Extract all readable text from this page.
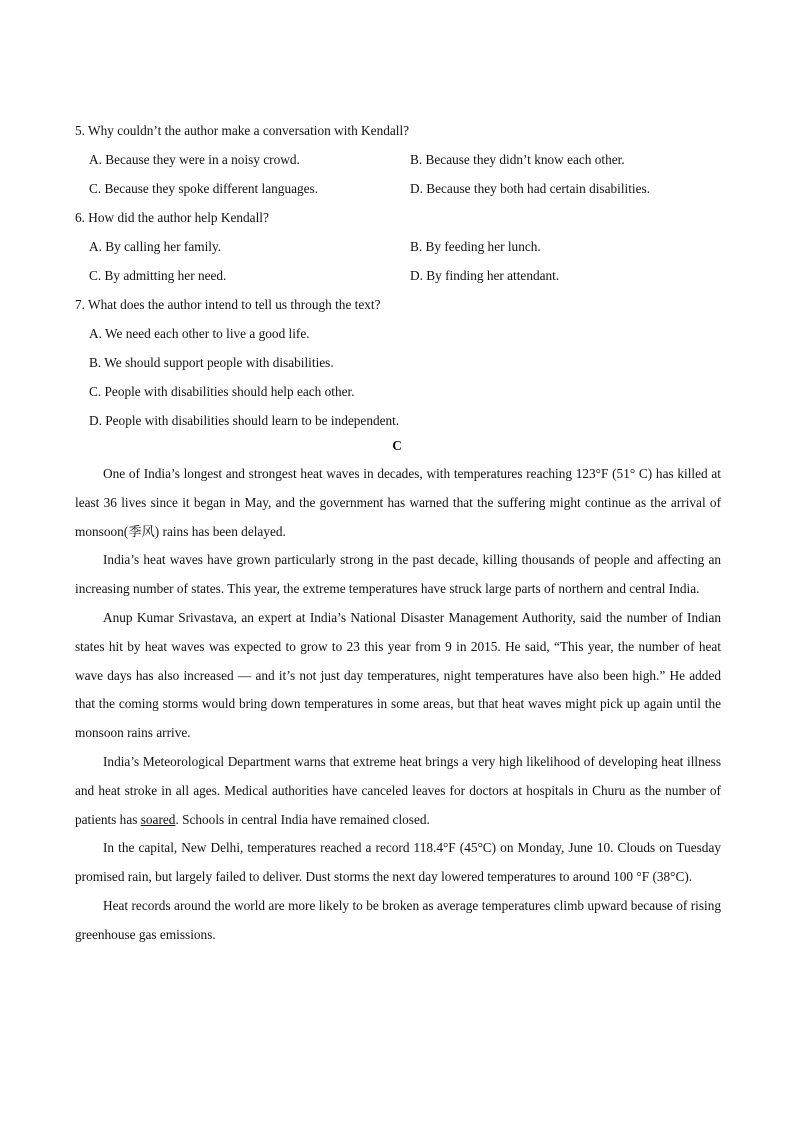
5. Why couldn’t the author make a conversation with Kendall?
A. Because they were in a noisy crowd.	B. Because they didn’t know each other.
C. Because they spoke different languages.	D. Because they both had certain disabilities.
6. How did the author help Kendall?
A. By calling her family.	B. By feeding her lunch.
C. By admitting her need.	D. By finding her attendant.
7. What does the author intend to tell us through the text?
A. We need each other to live a good life.
B. We should support people with disabilities.
C. People with disabilities should help each other.
D. People with disabilities should learn to be independent.
C

One of India’s longest and strongest heat waves in decades, with temperatures reaching 123°F (51° C) has killed at least 36 lives since it began in May, and the government has warned that the suffering might continue as the arrival of monsoon(季风) rains has been delayed.

India’s heat waves have grown particularly strong in the past decade, killing thousands of people and affecting an increasing number of states. This year, the extreme temperatures have struck large parts of northern and central India.

Anup Kumar Srivastava, an expert at India’s National Disaster Management Authority, said the number of Indian states hit by heat waves was expected to grow to 23 this year from 9 in 2015. He said, “This year, the number of heat wave days has also increased — and it’s not just day temperatures, night temperatures have also been high.” He added that the coming storms would bring down temperatures in some areas, but that heat waves might pick up again until the monsoon rains arrive.

India’s Meteorological Department warns that extreme heat brings a very high likelihood of developing heat illness and heat stroke in all ages. Medical authorities have canceled leaves for doctors at hospitals in Churu as the number of patients has soared. Schools in central India have remained closed.

In the capital, New Delhi, temperatures reached a record 118.4°F (45°C) on Monday, June 10. Clouds on Tuesday promised rain, but largely failed to deliver. Dust storms the next day lowered temperatures to around 100 °F (38°C).

Heat records around the world are more likely to be broken as average temperatures climb upward because of rising greenhouse gas emissions.
